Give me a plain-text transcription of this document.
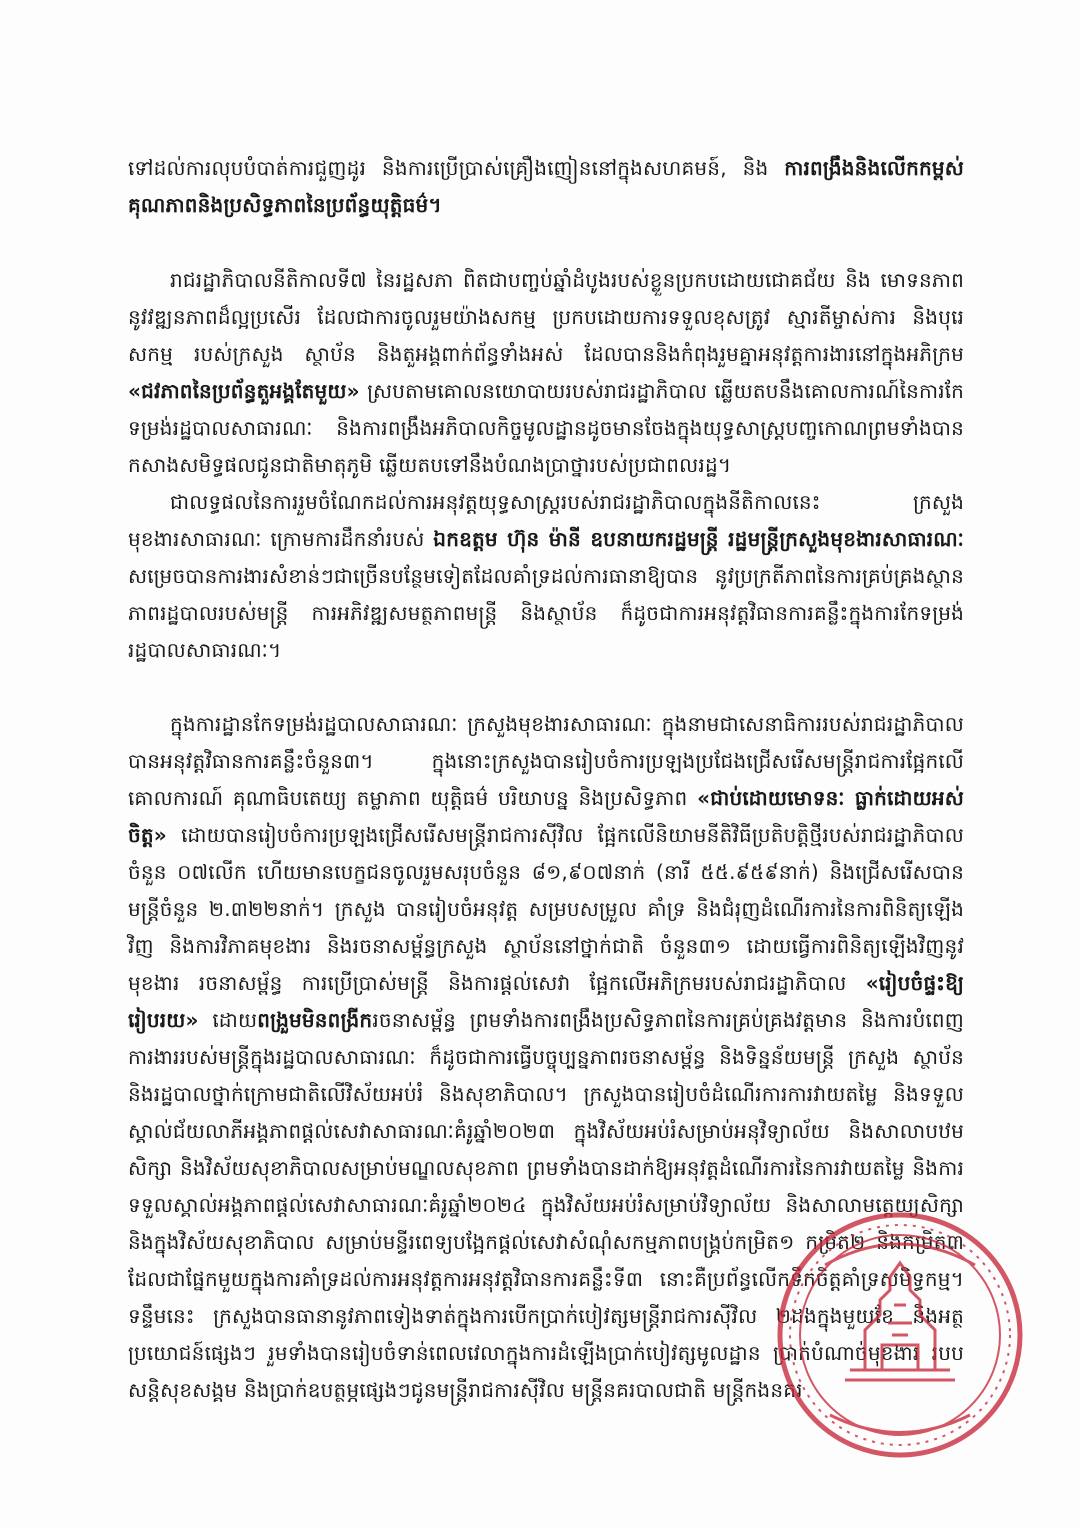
ទៅដល់ការលុបបំបាត់ការជួញដូរ និងការប្រើប្រាស់គ្រឿងញៀននៅក្នុងសហគមន៍, និង ការពង្រឹងនិងលើកកម្ពស់គុណភាពនិងប្រសិទ្ធភាពនៃប្រព័ន្ធយុត្តិធម៌។
រាជរដ្ឋាភិបាលនីតិកាលទី៧ នៃរដ្ឋសភា ពិតជាបញ្ចប់ឆ្នាំដំបូងរបស់ខ្លួនប្រកបដោយជោគជ័យ និង មោទនភាព នូវវឌ្ឍនភាពដ៏ល្អប្រសើរ ដែលជាការចូលរួមយ៉ាងសកម្ម ប្រកបដោយការទទួលខុសត្រូវ ស្មារតីម្ចាស់ការ និងបុរេសកម្ម របស់ក្រសួង ស្ថាប័ន និងតួអង្គពាក់ព័ន្ធទាំងអស់ ដែលបាននិងកំពុងរួមគ្នាអនុវត្តការងារនៅក្នុងអភិក្រម «ជវភាពនៃប្រព័ន្ធតួអង្គតែមួយ» ស្របតាមគោលនយោបាយរបស់រាជរដ្ឋាភិបាល ឆ្លើយតបនឹងគោលការណ៍នៃការកែទម្រង់រដ្ឋបាលសាធារណៈ និងការពង្រឹងអភិបាលកិច្ចមូលដ្ឋានដូចមានចែងក្នុងយុទ្ធសាស្ត្របញ្ចកោណព្រមទាំងបានកសាងសមិទ្ធផលជូនជាតិមាតុភូមិ ឆ្លើយតបទៅនឹងបំណងប្រាថ្នារបស់ប្រជាពលរដ្ឋ។
ជាលទ្ធផលនៃការរួមចំណែកដល់ការអនុវត្តយុទ្ធសាស្ត្ររបស់រាជរដ្ឋាភិបាលក្នុងនីតិកាលនេះ ក្រសួងមុខងារសាធារណៈ ក្រោមការដឹកនាំរបស់ ឯកឧត្តម ហ៊ុន ម៉ានី ឧបនាយករដ្ឋមន្ត្រី រដ្ឋមន្ត្រីក្រសួងមុខងារសាធារណៈ សម្រេចបានការងារសំខាន់ៗជាច្រើនបន្ថែមទៀតដែលគាំទ្រដល់ការធានាឱ្យបាន នូវប្រក្រតីភាពនៃការគ្រប់គ្រងស្ថានភាពរដ្ឋបាលរបស់មន្ត្រី ការអភិវឌ្ឍសមត្ថភាពមន្ត្រី និងស្ថាប័ន ក៏ដូចជាការអនុវត្តវិធានការគន្លឹះក្នុងការកែទម្រង់រដ្ឋបាលសាធារណៈ។
ក្នុងការដ្ឋានកែទម្រង់រដ្ឋបាលសាធារណៈ ក្រសួងមុខងារសាធារណៈ ក្នុងនាមជាសេនាធិការរបស់រាជរដ្ឋាភិបាល បានអនុវត្តវិធានការគន្លឹះចំនួន៣។ ក្នុងនោះក្រសួងបានរៀបចំការប្រឡងប្រជែងជ្រើសរើសមន្ត្រីរាជការផ្អែកលើគោលការណ៍ គុណាធិបតេយ្យ តម្លាភាព យុត្តិធម៌ បរិយាបន្ន និងប្រសិទ្ធភាព «ជាប់ដោយមោទនៈ ធ្លាក់ដោយអស់ចិត្ត» ដោយបានរៀបចំការប្រឡងជ្រើសរើសមន្ត្រីរាជការស៊ីវិល ផ្អែកលើនិយាមនីតិវិធីប្រតិបត្តិថ្មីរបស់រាជរដ្ឋាភិបាល ចំនួន ០៧លើក ហើយមានបេក្ខជនចូលរួមសរុបចំនួន ៨១,៩០៧នាក់ (នារី ៥៥.៩៥៩នាក់) និងជ្រើសរើសបានមន្ត្រីចំនួន ២.៣២២នាក់។ ក្រសួង បានរៀបចំអនុវត្ត សម្របសម្រួល គាំទ្រ និងជំរុញដំណើរការនៃការពិនិត្យឡើងវិញ និងការវិភាគមុខងារ និងរចនាសម្ព័ន្ធក្រសួង ស្ថាប័ននៅថ្នាក់ជាតិ ចំនួន៣១ ដោយធ្វើការពិនិត្យឡើងវិញនូវមុខងារ រចនាសម្ព័ន្ធ ការប្រើប្រាស់មន្ត្រី និងការផ្តល់សេវា ផ្អែកលើអភិក្រមរបស់រាជរដ្ឋាភិបាល «រៀបចំផ្ទះឱ្យរៀបរយ» ដោយពង្រួមមិនពង្រីករចនាសម្ព័ន្ធ ព្រមទាំងការពង្រឹងប្រសិទ្ធភាពនៃការគ្រប់គ្រងវត្តមាន និងការបំពេញការងាររបស់មន្ត្រីក្នុងរដ្ឋបាលសាធារណៈ ក៏ដូចជាការធ្វើបច្ចុប្បន្នភាពរចនាសម្ព័ន្ធ និងទិន្នន័យមន្ត្រី ក្រសួង ស្ថាប័ន និងរដ្ឋបាលថ្នាក់ក្រោមជាតិលើវិស័យអប់រំ និងសុខាភិបាល។ ក្រសួងបានរៀបចំដំណើរការការវាយតម្លៃ និងទទួលស្គាល់ជ័យលាភីអង្គភាពផ្តល់សេវាសាធារណៈគំរូឆ្នាំ២០២៣ ក្នុងវិស័យអប់រំសម្រាប់អនុវិទ្យាល័យ និងសាលាបឋមសិក្សា និងវិស័យសុខាភិបាលសម្រាប់មណ្ឌលសុខភាព ព្រមទាំងបានដាក់ឱ្យអនុវត្តដំណើរការនៃការវាយតម្លៃ និងការទទួលស្គាល់អង្គភាពផ្តល់សេវាសាធារណៈគំរូឆ្នាំ២០២៤ ក្នុងវិស័យអប់រំសម្រាប់វិទ្យាល័យ និងសាលាមត្តេយ្យសិក្សា និងក្នុងវិស័យសុខាភិបាល សម្រាប់មន្ទីរពេទ្យបង្អែកផ្តល់សេវាសំណុំសកម្មភាពបង្គ្រប់កម្រិត១ កម្រិត២ និងកម្រិត៣ ដែលជាផ្នែកមួយក្នុងការគាំទ្រដល់ការអនុវត្តការអនុវត្តវិធានការគន្លឹះទី៣ នោះគឺប្រព័ន្ធលើកទឹកចិត្តគាំទ្រសមិទ្ធកម្ម។ ទន្ទឹមនេះ ក្រសួងបានធានានូវភាពទៀងទាត់ក្នុងការបើកប្រាក់បៀវត្សមន្ត្រីរាជការស៊ីវិល ២ដងក្នុងមួយខែ និងអត្ថប្រយោជន៍ផ្សេងៗ រួមទាំងបានរៀបចំទាន់ពេលវេលាក្នុងការដំឡើងប្រាក់បៀវត្សមូលដ្ឋាន ប្រាក់បំណាច់មុខងារ របបសន្តិសុខសង្គម និងប្រាក់ឧបត្ថម្ភផ្សេងៗជូនមន្ត្រីរាជការស៊ីវិល មន្ត្រីនគរបាលជាតិ មន្ត្រីកងនគរ
